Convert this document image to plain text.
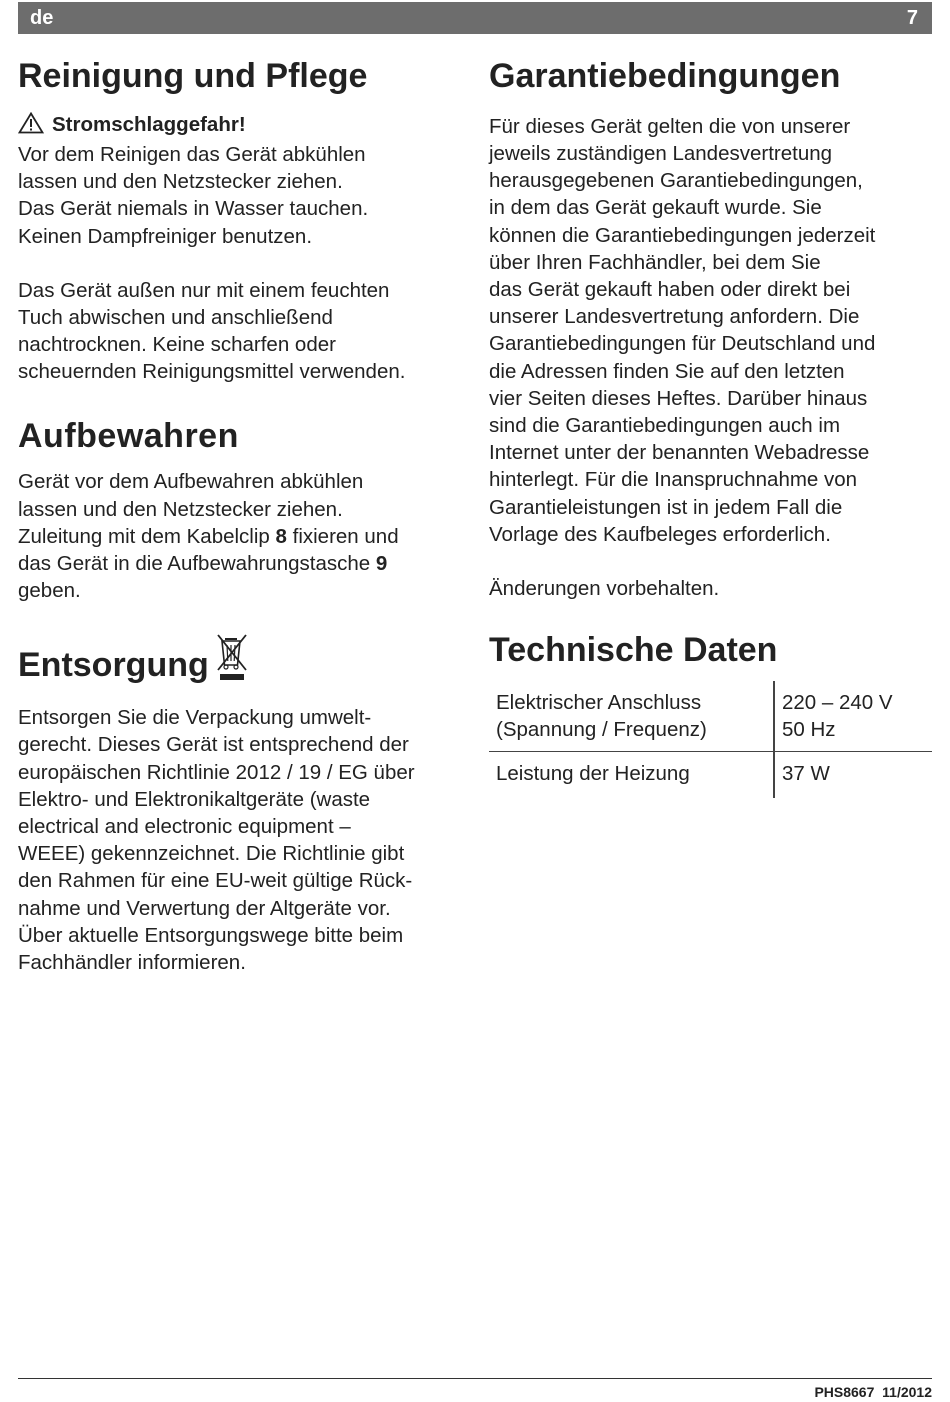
de	7
Reinigung und Pflege

Stromschlaggefahr!

Vor dem Reinigen das Gerät abkühlen
lassen und den Netzstecker ziehen.
Das Gerät niemals in Wasser tauchen.
Keinen Dampfreiniger benutzen.

Das Gerät außen nur mit einem feuchten
Tuch abwischen und anschließend
nachtrocknen. Keine scharfen oder
scheuernden Reinigungsmittel verwenden.

Aufbewahren

Gerät vor dem Aufbewahren abkühlen
lassen und den Netzstecker ziehen.
Zuleitung mit dem Kabelclip 8 fixieren und
das Gerät in die Aufbewahrungstasche 9
geben.

Entsorgung

Entsorgen Sie die Verpackung umwelt-
gerecht. Dieses Gerät ist entsprechend der
europäischen Richtlinie 2012 / 19 / EG über
Elektro- und Elektronikaltgeräte (waste
electrical and electronic equipment –
WEEE) gekennzeichnet. Die Richtlinie gibt
den Rahmen für eine EU-weit gültige Rück-
nahme und Verwertung der Altgeräte vor.
Über aktuelle Entsorgungswege bitte beim
Fachhändler informieren.

Garantiebedingungen

Für dieses Gerät gelten die von unserer
jeweils zuständigen Landesvertretung
herausgegebenen Garantiebedingungen,
in dem das Gerät gekauft wurde. Sie
können die Garantiebedingungen jederzeit
über Ihren Fachhändler, bei dem Sie
das Gerät gekauft haben oder direkt bei
unserer Landesvertretung anfordern. Die
Garantiebedingungen für Deutschland und
die Adressen finden Sie auf den letzten
vier Seiten dieses Heftes. Darüber hinaus
sind die Garantiebedingungen auch im
Internet unter der benannten Webadresse
hinterlegt. Für die Inanspruchnahme von
Garantieleistungen ist in jedem Fall die
Vorlage des Kaufbeleges erforderlich.

Änderungen vorbehalten.

Technische Daten
Elektrischer Anschluss
(Spannung / Frequenz)	220 – 240 V
50 Hz
Leistung der Heizung	37 W
PHS8667 11/2012
